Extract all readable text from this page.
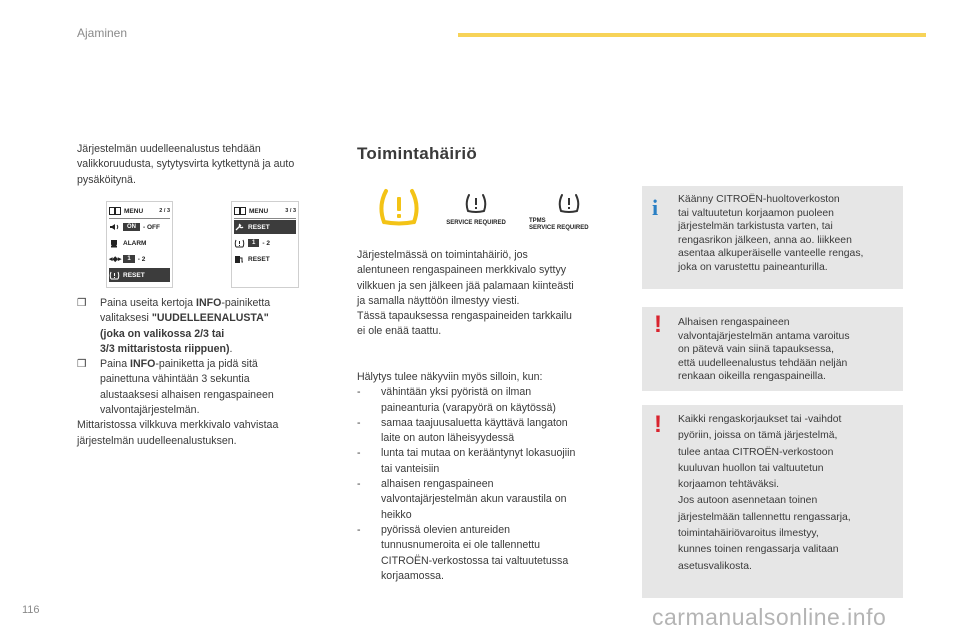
Ajaminen

Järjestelmän uudelleenalustus tehdään

valikkoruudusta, sytytysvirta kytkettynä ja auto

pysäköitynä.

MENU	2 / 3
ON	- OFF
ALARM
◂◆▸	1	- 2
RESET
MENU	3 / 3
RESET
1	- 2
RESET
❒	Paina useita kertoja INFO-painiketta

valitaksesi "UUDELLEENALUSTA"

(joka on valikossa 2/3 tai

3/3 mittaristosta riippuen).

❒	Paina INFO-painiketta ja pidä sitä

painettuna vähintään 3 sekuntia

alustaaksesi alhaisen rengaspaineen

valvontajärjestelmän.

Mittaristossa vilkkuva merkkivalo vahvistaa

järjestelmän uudelleenalustuksen.

Toimintahäiriö
SERVICE REQUIRED	TPMS
SERVICE REQUIRED

Järjestelmässä on toimintahäiriö, jos

alentuneen rengaspaineen merkkivalo syttyy

vilkkuen ja sen jälkeen jää palamaan kiinteästi

ja samalla näyttöön ilmestyy viesti.

Tässä tapauksessa rengaspaineiden tarkkailu

ei ole enää taattu.

Hälytys tulee näkyviin myös silloin, kun:

-	vähintään yksi pyöristä on ilman

paineanturia (varapyörä on käytössä)

-	samaa taajuusaluetta käyttävä langaton

laite on auton läheisyydessä

-	lunta tai mutaa on kerääntynyt lokasuojiin

tai vanteisiin

-	alhaisen rengaspaineen

valvontajärjestelmän akun varaustila on

heikko

-	pyörissä olevien antureiden

tunnusnumeroita ei ole tallennettu

CITROËN-verkostossa tai valtuutetussa

korjaamossa.

i Käänny CITROËN-huoltoverkoston
tai valtuutetun korjaamon puoleen
järjestelmän tarkistusta varten, tai
rengasrikon jälkeen, anna ao. liikkeen
asentaa alkuperäiselle vanteelle rengas,
joka on varustettu paineanturilla.
! Alhaisen rengaspaineen
valvontajärjestelmän antama varoitus
on pätevä vain siinä tapauksessa,
että uudelleenalustus tehdään neljän
renkaan oikeilla rengaspaineilla.
! Kaikki rengaskorjaukset tai -vaihdot
pyöriin, joissa on tämä järjestelmä,
tulee antaa CITROËN-verkostoon
kuuluvan huollon tai valtuutetun
korjaamon tehtäväksi.
Jos autoon asennetaan toinen
järjestelmään tallennettu rengassarja,
toimintahäiriövaroitus ilmestyy,
kunnes toinen rengassarja valitaan
asetusvalikosta.
116	carmanualsonline.info
